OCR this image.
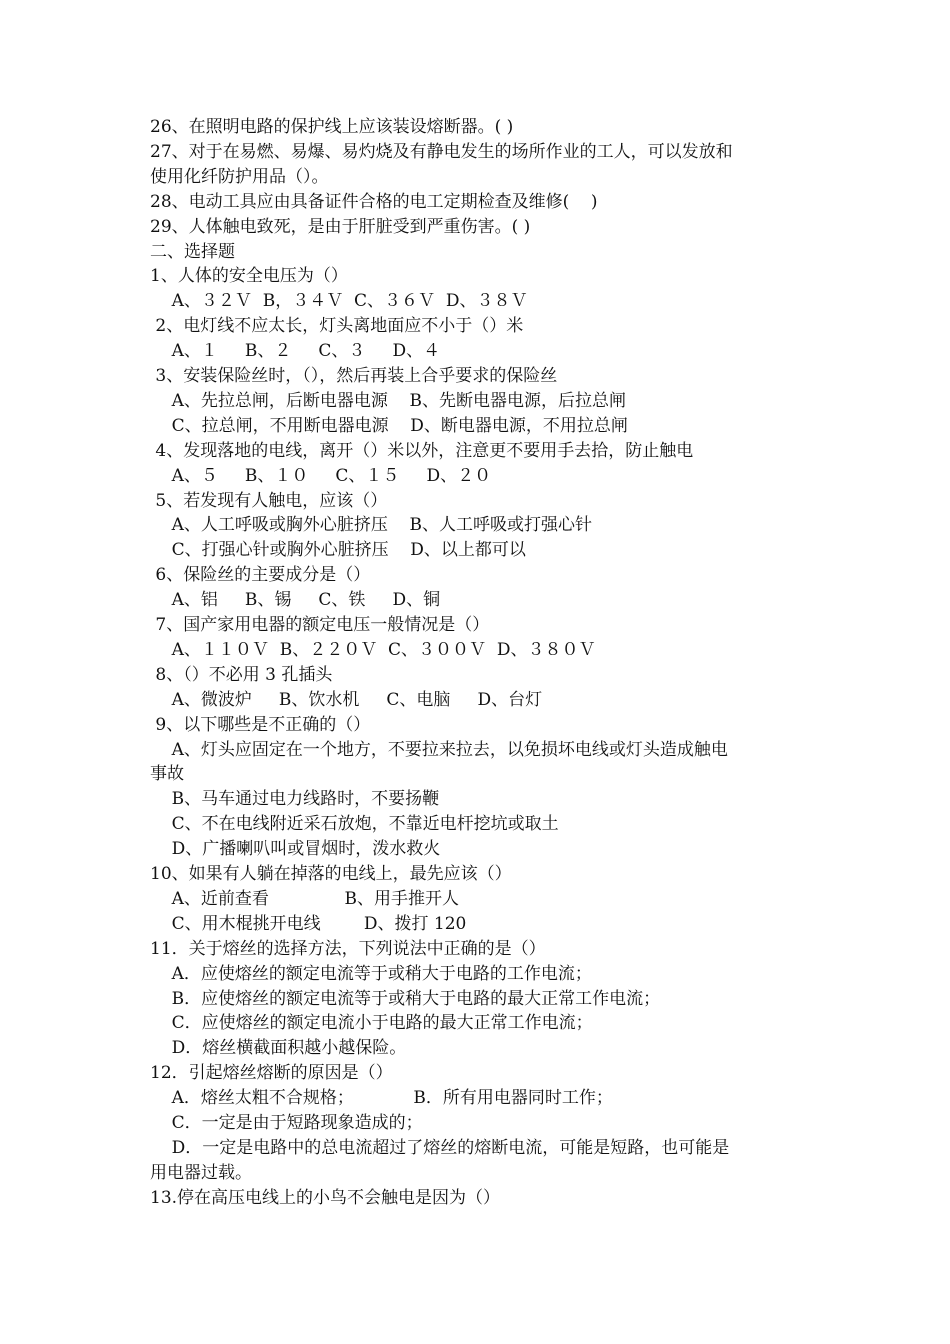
26、在照明电路的保护线上应该装设熔断器。( )
27、对于在易燃、易爆、易灼烧及有静电发生的场所作业的工人，可以发放和
使用化纤防护用品（）。
28、电动工具应由具备证件合格的电工定期检查及维修(    )
29、人体触电致死，是由于肝脏受到严重伤害。( )
二、选择题
1、人体的安全电压为（）
A、３２Ｖ  B，３４Ｖ  C、３６Ｖ  D、３８Ｖ
2、电灯线不应太长，灯头离地面应不小于（）米
A、１     B、２     C、３     D、４
3、安装保险丝时，（），然后再装上合乎要求的保险丝
A、先拉总闸，后断电器电源    B、先断电器电源，后拉总闸
C、拉总闸，不用断电器电源    D、断电器电源，不用拉总闸
4、发现落地的电线，离开（）米以外，注意更不要用手去拾，防止触电
A、５     B、１０     C、１５     D、２０
5、若发现有人触电，应该（）
A、人工呼吸或胸外心脏挤压    B、人工呼吸或打强心针
C、打强心针或胸外心脏挤压    D、以上都可以
6、保险丝的主要成分是（）
A、铝     B、锡     C、铁     D、铜
7、国产家用电器的额定电压一般情况是（）
A、１１０Ｖ  B、２２０Ｖ  C、３００Ｖ  D、３８０Ｖ
8、（）不必用 3 孔插头
A、微波炉     B、饮水机     C、电脑     D、台灯
9、以下哪些是不正确的（）
A、灯头应固定在一个地方，不要拉来拉去，以免损坏电线或灯头造成触电
事故
B、马车通过电力线路时，不要扬鞭
C、不在电线附近采石放炮，不靠近电杆挖坑或取土
D、广播喇叭叫或冒烟时，泼水救火
10、如果有人躺在掉落的电线上，最先应该（）
A、近前查看              B、用手推开人
C、用木棍挑开电线        D、拨打 120
11．关于熔丝的选择方法，下列说法中正确的是（）
A．应使熔丝的额定电流等于或稍大于电路的工作电流；
B．应使熔丝的额定电流等于或稍大于电路的最大正常工作电流；
C．应使熔丝的额定电流小于电路的最大正常工作电流；
D．熔丝横截面积越小越保险。
12．引起熔丝熔断的原因是（）
A．熔丝太粗不合规格；           B．所有用电器同时工作；
C．一定是由于短路现象造成的；
D．一定是电路中的总电流超过了熔丝的熔断电流，可能是短路，也可能是
用电器过载。
13.停在高压电线上的小鸟不会触电是因为（）
